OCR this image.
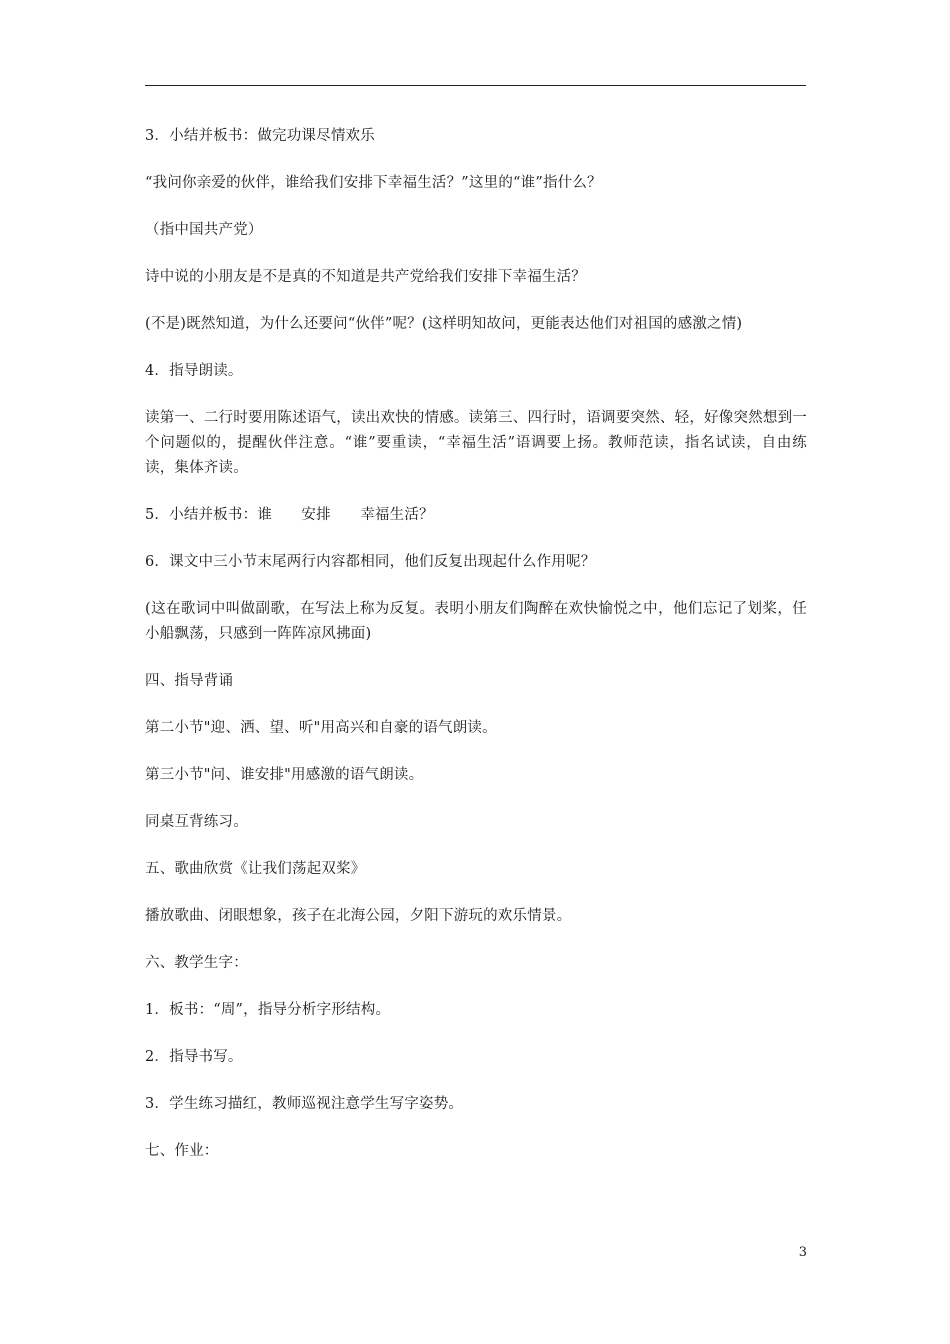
3．小结并板书：做完功课尽情欢乐

“我问你亲爱的伙伴，谁给我们安排下幸福生活？”这里的“谁”指什么？

（指中国共产党）

诗中说的小朋友是不是真的不知道是共产党给我们安排下幸福生活？

(不是)既然知道，为什么还要问“伙伴”呢？(这样明知故问，更能表达他们对祖国的感激之情)

4．指导朗读。

读第一、二行时要用陈述语气，读出欢快的情感。读第三、四行时，语调要突然、轻，好像突然想到一个问题似的，提醒伙伴注意。“谁”要重读，“幸福生活”语调要上扬。教师范读，指名试读，自由练读，集体齐读。

5．小结并板书：谁　　安排　　幸福生活？

6．课文中三小节末尾两行内容都相同，他们反复出现起什么作用呢？

(这在歌词中叫做副歌，在写法上称为反复。表明小朋友们陶醉在欢快愉悦之中，他们忘记了划桨，任小船飘荡，只感到一阵阵凉风拂面)

四、指导背诵

第二小节"迎、洒、望、听"用高兴和自豪的语气朗读。

第三小节"问、谁安排"用感激的语气朗读。

同桌互背练习。

五、歌曲欣赏《让我们荡起双桨》

播放歌曲、闭眼想象，孩子在北海公园，夕阳下游玩的欢乐情景。

六、教学生字：

1．板书：“周”，指导分析字形结构。

2．指导书写。

3．学生练习描红，教师巡视注意学生写字姿势。

七、作业：

3
